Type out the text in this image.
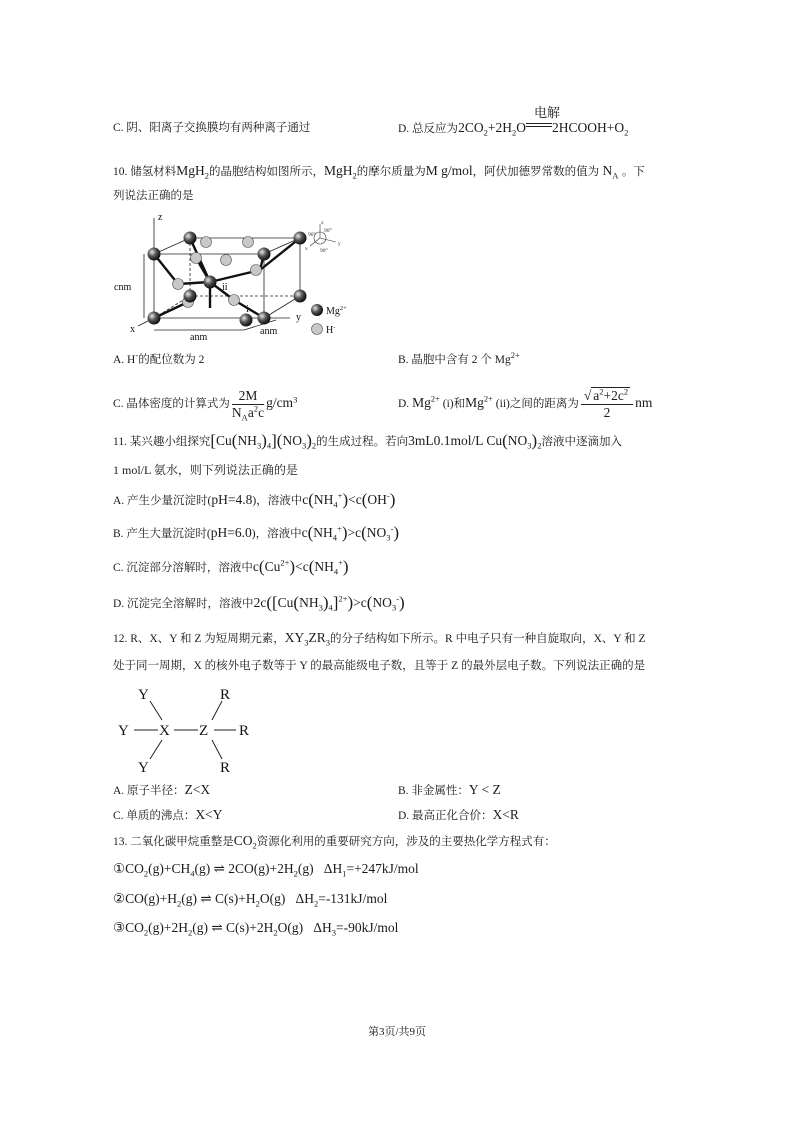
C. 阴、阳离子交换膜均有两种离子通过	D. 总反应为$2CO_2+2H_2O$
电解
$2HCOOH+O_2$
10. 储氢材料MgH$_2$的晶胞结构如图所示，MgH$_2$的摩尔质量为M g/mol，阿伏加德罗常数的值为 $N_A$ 。下
列说法正确的是
z
x
y
cnm
anm
anm
ii
i
z
y
x
90°
90°
90°
$Mg^{2+}$
H-
A. H-的配位数为 2	B. 晶胞中含有 2 个 $Mg^{2+}$
C. 晶体密度的计算式为 $\frac{2M}{N_Aa^2c} g/cm^3$	D. $Mg^{2+}$ (i)和$Mg^{2+}$ (ii)之间的距离为 $\frac{√ a^2+2c^2}{2}$ nm
11. 某兴趣小组探究$[Cu(NH_3)_4](NO_3)_2$的生成过程。若向3mL0.1mol/L $Cu(NO_3)_2$溶液中逐滴加入
1 mol/L 氨水，则下列说法正确的是
A. 产生少量沉淀时(pH=4.8)，溶液中$c(NH_4^+)<c(OH^-)$
B. 产生大量沉淀时(pH=6.0)，溶液中$c(NH_4^+)>c(NO_3^-)$
C. 沉淀部分溶解时，溶液中$c(Cu^{2+})<c(NH_4^+)$
D. 沉淀完全溶解时，溶液中$2c([Cu(NH_3)_4]^{2+})>c(NO_3^-)$
12. R、X、Y 和 Z 为短周期元素，$XY_3ZR_3$的分子结构如下所示。R 中电子只有一种自旋取向，X、Y 和 Z
处于同一周期，X 的核外电子数等于 Y 的最高能级电子数，且等于 Z 的最外层电子数。下列说法正确的是
Y
Y
Y
X Z
R
R
R
A. 原子半径：Z<X	B. 非金属性：Y < Z
C. 单质的沸点：X<Y	D. 最高正化合价：X<R
13. 二氧化碳甲烷重整是$CO_2$资源化利用的重要研究方向，涉及的主要热化学方程式有：
$①CO_2(g)+CH_4(g)$ ⇌ $2CO(g)+2H_2(g)$   $\Delta H_1=+247kJ$/mol
$②CO(g)+H_2(g)$ ⇌ $C(s)+H_2O(g)$   $\Delta H_2=-131kJ$/mol
$③CO_2(g)+2H_2(g)$ ⇌ $C(s)+2H_2O(g)$   $\Delta H_3=-90kJ$/mol
第3页/共9页
